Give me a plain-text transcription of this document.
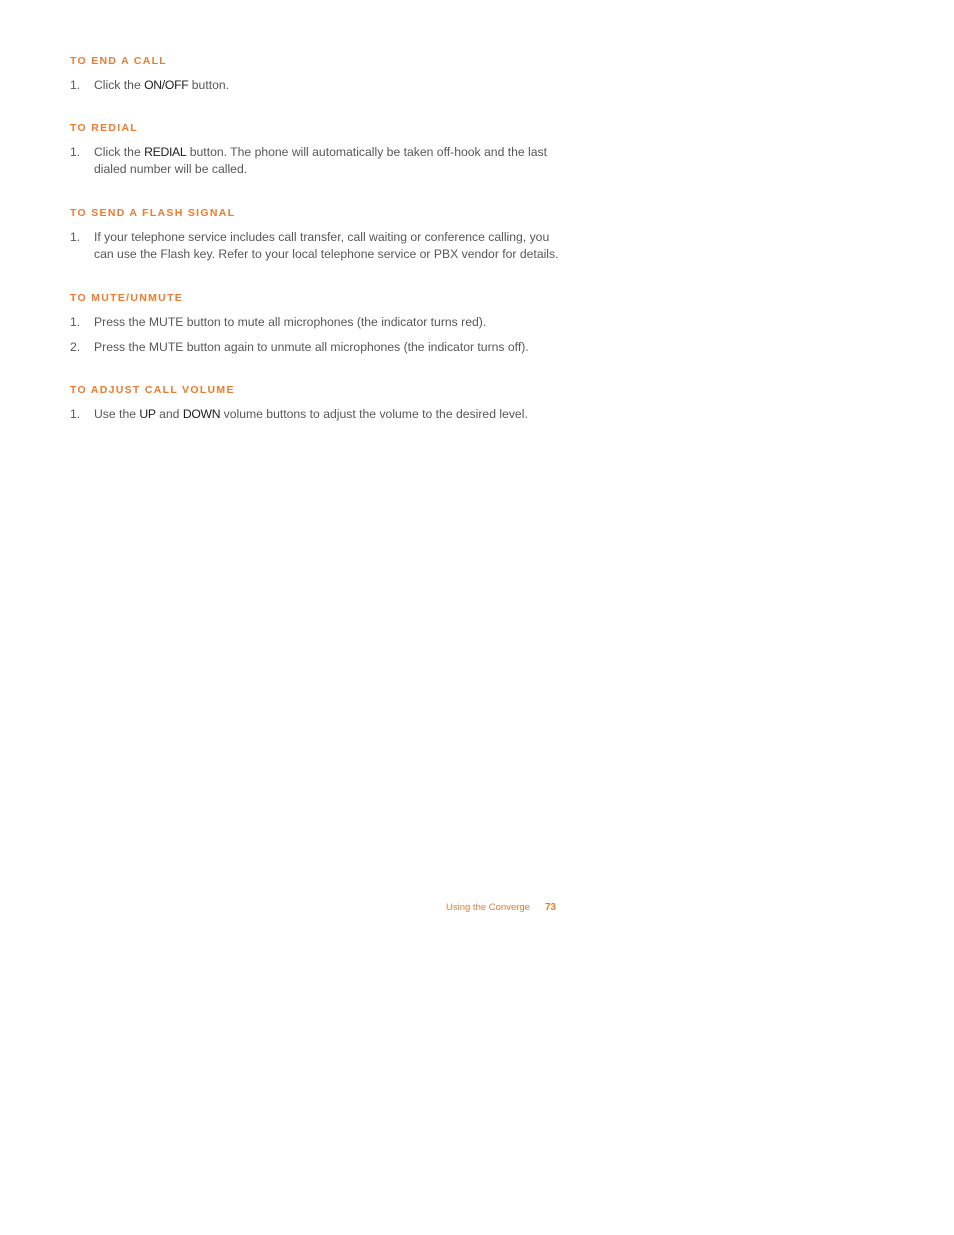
TO END A CALL
1. Click the ON/OFF button.
TO REDIAL
1. Click the REDIAL button. The phone will automatically be taken off-hook and the last dialed number will be called.
TO SEND A FLASH SIGNAL
1. If your telephone service includes call transfer, call waiting or conference calling, you can use the Flash key. Refer to your local telephone service or PBX vendor for details.
TO MUTE/UNMUTE
1. Press the MUTE button to mute all microphones (the indicator turns red).
2. Press the MUTE button again to unmute all microphones (the indicator turns off).
TO ADJUST CALL VOLUME
1. Use the UP and DOWN volume buttons to adjust the volume to the desired level.
Using the Converge 73
